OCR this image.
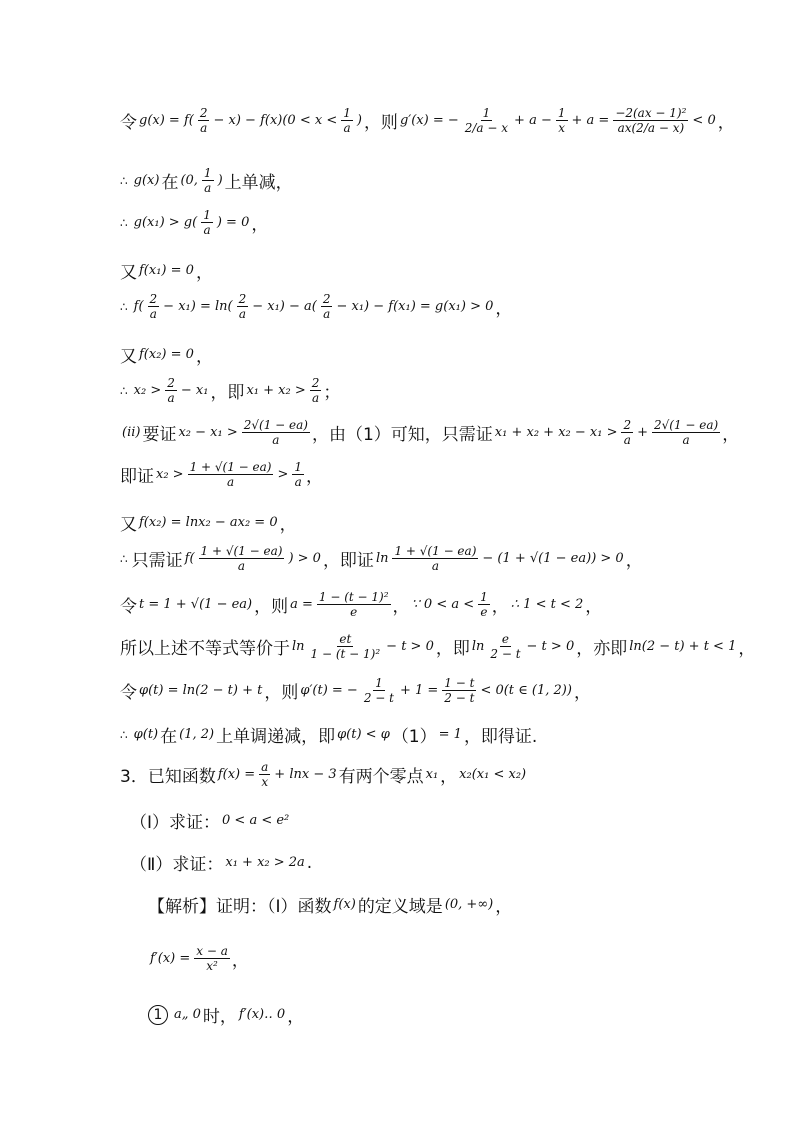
令 $g(x) = f( \frac{2}{a} - x) - f(x)(0 < x < \frac{1}{a}$ ) ，则 g′(x) = − $\frac{1}{2/a - x} + a - \frac{1}{x} + a = \frac{\text{−2(ax − 1)²}}{ax(2/a - x)} < 0$ ，
∴ g(x) 在 (0, $\frac{1}{a}$ ) 上单减，
∴ $g(x_1) > g( \frac{1}{a}$ ) = 0 ，
又 f(x₁) = 0 ，
∴ $f( \frac{2}{a} - x_1) = \ln( \frac{2}{a} - x_1) - a( \frac{2}{a} - x_1) - f(x_1) = g(x_1) > 0$ ，
又 f(x₂) = 0 ，
∴ $x_2 > \frac{2}{a} - x_1$ ，即 $x_1 + x_2 > \frac{2}{a}$ ；
(ii) 要证 $x_2 - x_1 > \frac{2√(1 - ea)}{a}$ ，由（1）可知，只需证 $x_1 + x_2 + x_2 - x_1 > \frac{2}{a} + \frac{2√(1 - ea)}{a}$ ，
即证 $x_2 > \frac{1 + √(1 - ea)}{a} > \frac{1}{a}$ ，
又 f(x₂) = lnx₂ − ax₂ = 0 ，
∴ 只需证 $f( \frac{1 + √(1 - ea)}{a}$ ) > 0 ，即证 $\ln \frac{1 + √(1 - ea)}{a} - (1 + √(1 - ea)) > 0$ ，
令 t = 1 + √(1 − ea) ，则 $a = \frac{\text{1 − (t − 1)²}}{e}$ ， ∵ $0 < a < \frac{1}{e}$ ， ∴ 1 < t < 2 ，
所以上述不等式等价于 $\ln \frac{et}{\text{1 − (t − 1)²}} - t > 0$ ，即 $\ln \frac{e}{2 - t} - t > 0$ ，亦即 ln(2 − t) + t < 1 ，
令 φ(t) = ln(2 − t) + t ，则 φ′(t) = − $\frac{1}{2 - t} + 1 = \frac{1 - t}{2 - t} < 0(t$ ∈ (1, 2)) ，
∴ φ(t) 在 (1, 2) 上单调递减，即 φ(t) < φ （1） = 1 ，即得证.
3．已知函数 $f(x) = \frac{a}{x} + \ln x - 3$ 有两个零点 x₁ ， x₂(x₁ < x₂)
（Ⅰ）求证： 0 < a < e²
（Ⅱ）求证： x₁ + x₂ > 2a .
【解析】证明：（Ⅰ）函数 f(x) 的定义域是 (0, +∞) ，
$f'(x) = \frac{x - a}{\text{x²}}$ ，
1 a„ 0 时， f′(x)‥ 0 ，
